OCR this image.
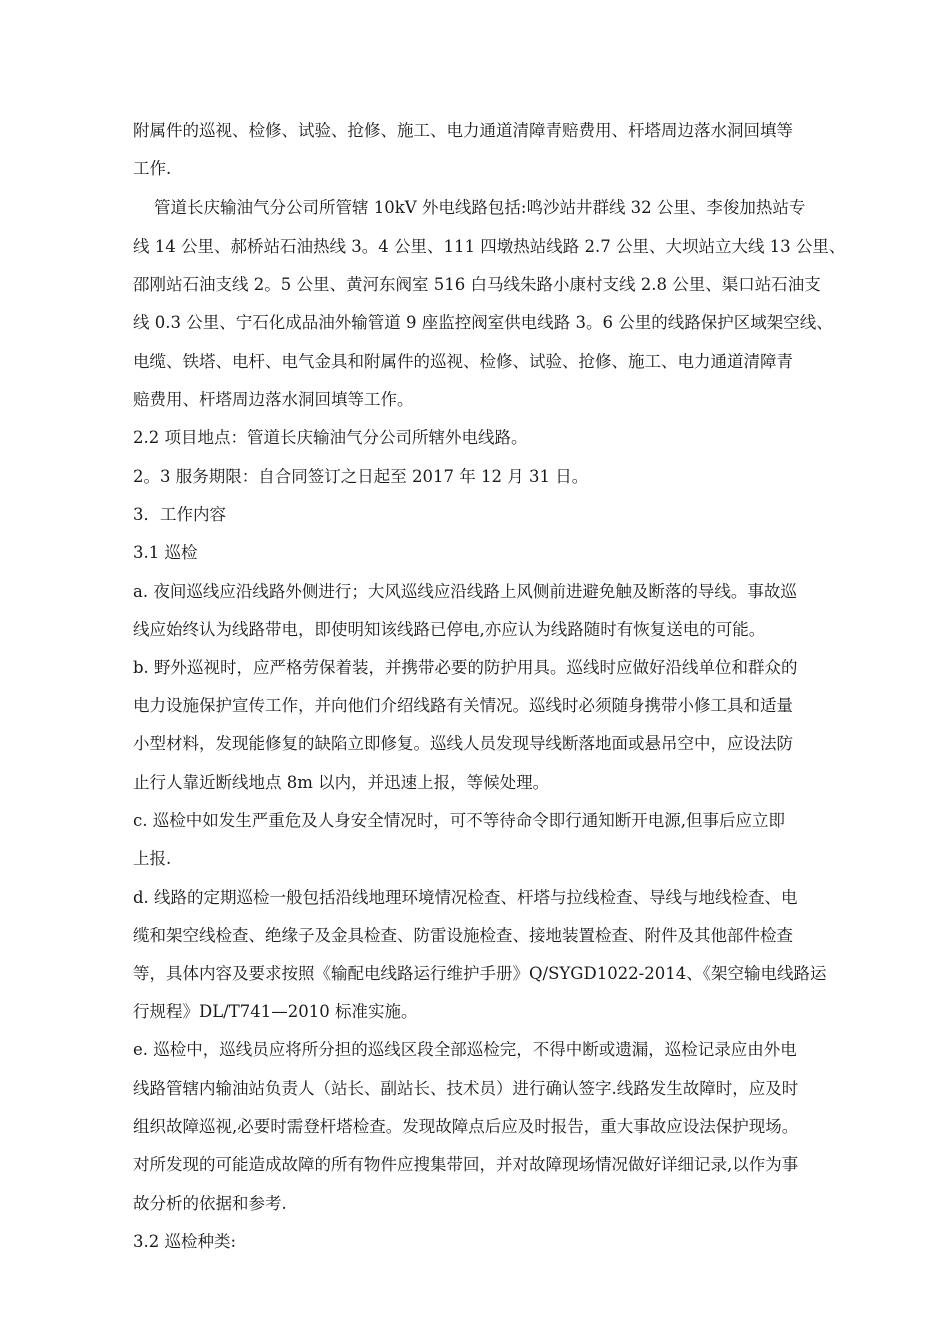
附属件的巡视、检修、试验、抢修、施工、电力通道清障青赔费用、杆塔周边落水洞回填等
工作.
管道长庆输油气分公司所管辖 10kV 外电线路包括:鸣沙站井群线 32 公里、李俊加热站专
线 14 公里、郝桥站石油热线 3。4 公里、111 四墩热站线路 2.7 公里、大坝站立大线 13 公里、
邵刚站石油支线 2。5 公里、黄河东阀室 516 白马线朱路小康村支线 2.8 公里、渠口站石油支
线 0.3 公里、宁石化成品油外输管道 9 座监控阀室供电线路 3。6 公里的线路保护区域架空线、
电缆、铁塔、电杆、电气金具和附属件的巡视、检修、试验、抢修、施工、电力通道清障青
赔费用、杆塔周边落水洞回填等工作。
2.2 项目地点：管道长庆输油气分公司所辖外电线路。
2。3 服务期限：自合同签订之日起至 2017 年 12 月 31 日。
3．工作内容
3.1 巡检
a. 夜间巡线应沿线路外侧进行；大风巡线应沿线路上风侧前进避免触及断落的导线。事故巡
线应始终认为线路带电，即使明知该线路已停电,亦应认为线路随时有恢复送电的可能。
b. 野外巡视时，应严格劳保着装，并携带必要的防护用具。巡线时应做好沿线单位和群众的
电力设施保护宣传工作，并向他们介绍线路有关情况。巡线时必须随身携带小修工具和适量
小型材料，发现能修复的缺陷立即修复。巡线人员发现导线断落地面或悬吊空中，应设法防
止行人靠近断线地点 8m 以内，并迅速上报，等候处理。
c. 巡检中如发生严重危及人身安全情况时，可不等待命令即行通知断开电源,但事后应立即
上报.
d. 线路的定期巡检一般包括沿线地理环境情况检查、杆塔与拉线检查、导线与地线检查、电
缆和架空线检查、绝缘子及金具检查、防雷设施检查、接地装置检查、附件及其他部件检查
等，具体内容及要求按照《输配电线路运行维护手册》Q/SYGD1022-2014、《架空输电线路运
行规程》DL/T741—2010 标准实施。
e. 巡检中，巡线员应将所分担的巡线区段全部巡检完，不得中断或遗漏，巡检记录应由外电
线路管辖内输油站负责人（站长、副站长、技术员）进行确认签字.线路发生故障时，应及时
组织故障巡视,必要时需登杆塔检查。发现故障点后应及时报告，重大事故应设法保护现场。
对所发现的可能造成故障的所有物件应搜集带回，并对故障现场情况做好详细记录,以作为事
故分析的依据和参考.
3.2 巡检种类:
